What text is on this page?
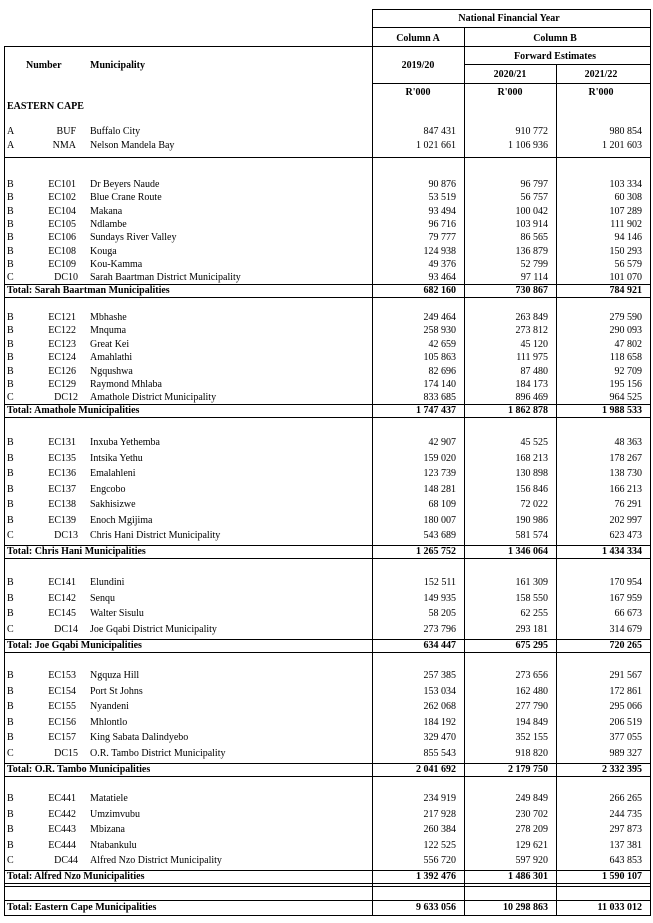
National Financial Year
Column A	Column B
Forward Estimates
Number	Municipality	2019/20
2020/21	2021/22
R'000	R'000	R'000
EASTERN CAPE
A	BUF Buffalo City	847 431	910 772	980 854
A	NMA Nelson Mandela Bay	1 021 661	1 106 936	1 201 603
B	EC101 Dr Beyers Naude	90 876	96 797	103 334
B	EC102 Blue Crane Route	53 519	56 757	60 308
B	EC104 Makana	93 494	100 042	107 289
B	EC105 Ndlambe	96 716	103 914	111 902
B	EC106 Sundays River Valley	79 777	86 565	94 146
B	EC108 Kouga	124 938	136 879	150 293
B	EC109 Kou-Kamma	49 376	52 799	56 579
C	DC10 Sarah Baartman District Municipality	93 464	97 114	101 070
Total: Sarah Baartman Municipalities	682 160	730 867	784 921
B	EC121 Mbhashe	249 464	263 849	279 590
B	EC122 Mnquma	258 930	273 812	290 093
B	EC123 Great Kei	42 659	45 120	47 802
B	EC124 Amahlathi	105 863	111 975	118 658
B	EC126 Ngqushwa	82 696	87 480	92 709
B	EC129 Raymond Mhlaba	174 140	184 173	195 156
C	DC12 Amathole District Municipality	833 685	896 469	964 525
Total: Amathole Municipalities	1 747 437	1 862 878	1 988 533
B	EC131 Inxuba Yethemba	42 907	45 525	48 363
B	EC135 Intsika Yethu	159 020	168 213	178 267
B	EC136 Emalahleni	123 739	130 898	138 730
B	EC137 Engcobo	148 281	156 846	166 213
B	EC138 Sakhisizwe	68 109	72 022	76 291
B	EC139 Enoch Mgijima	180 007	190 986	202 997
C	DC13 Chris Hani District Municipality	543 689	581 574	623 473
Total: Chris Hani Municipalities	1 265 752	1 346 064	1 434 334
B	EC141 Elundini	152 511	161 309	170 954
B	EC142 Senqu	149 935	158 550	167 959
B	EC145 Walter Sisulu	58 205	62 255	66 673
C	DC14 Joe Gqabi District Municipality	273 796	293 181	314 679
Total: Joe Gqabi Municipalities	634 447	675 295	720 265
B	EC153 Ngquza Hill	257 385	273 656	291 567
B	EC154 Port St Johns	153 034	162 480	172 861
B	EC155 Nyandeni	262 068	277 790	295 066
B	EC156 Mhlontlo	184 192	194 849	206 519
B	EC157 King Sabata Dalindyebo	329 470	352 155	377 055
C	DC15 O.R. Tambo District Municipality	855 543	918 820	989 327
Total: O.R. Tambo Municipalities	2 041 692	2 179 750	2 332 395
B	EC441 Matatiele	234 919	249 849	266 265
B	EC442 Umzimvubu	217 928	230 702	244 735
B	EC443 Mbizana	260 384	278 209	297 873
B	EC444 Ntabankulu	122 525	129 621	137 381
C	DC44 Alfred Nzo District Municipality	556 720	597 920	643 853
Total: Alfred Nzo Municipalities	1 392 476	1 486 301	1 590 107
Total: Eastern Cape Municipalities	9 633 056	10 298 863	11 033 012
